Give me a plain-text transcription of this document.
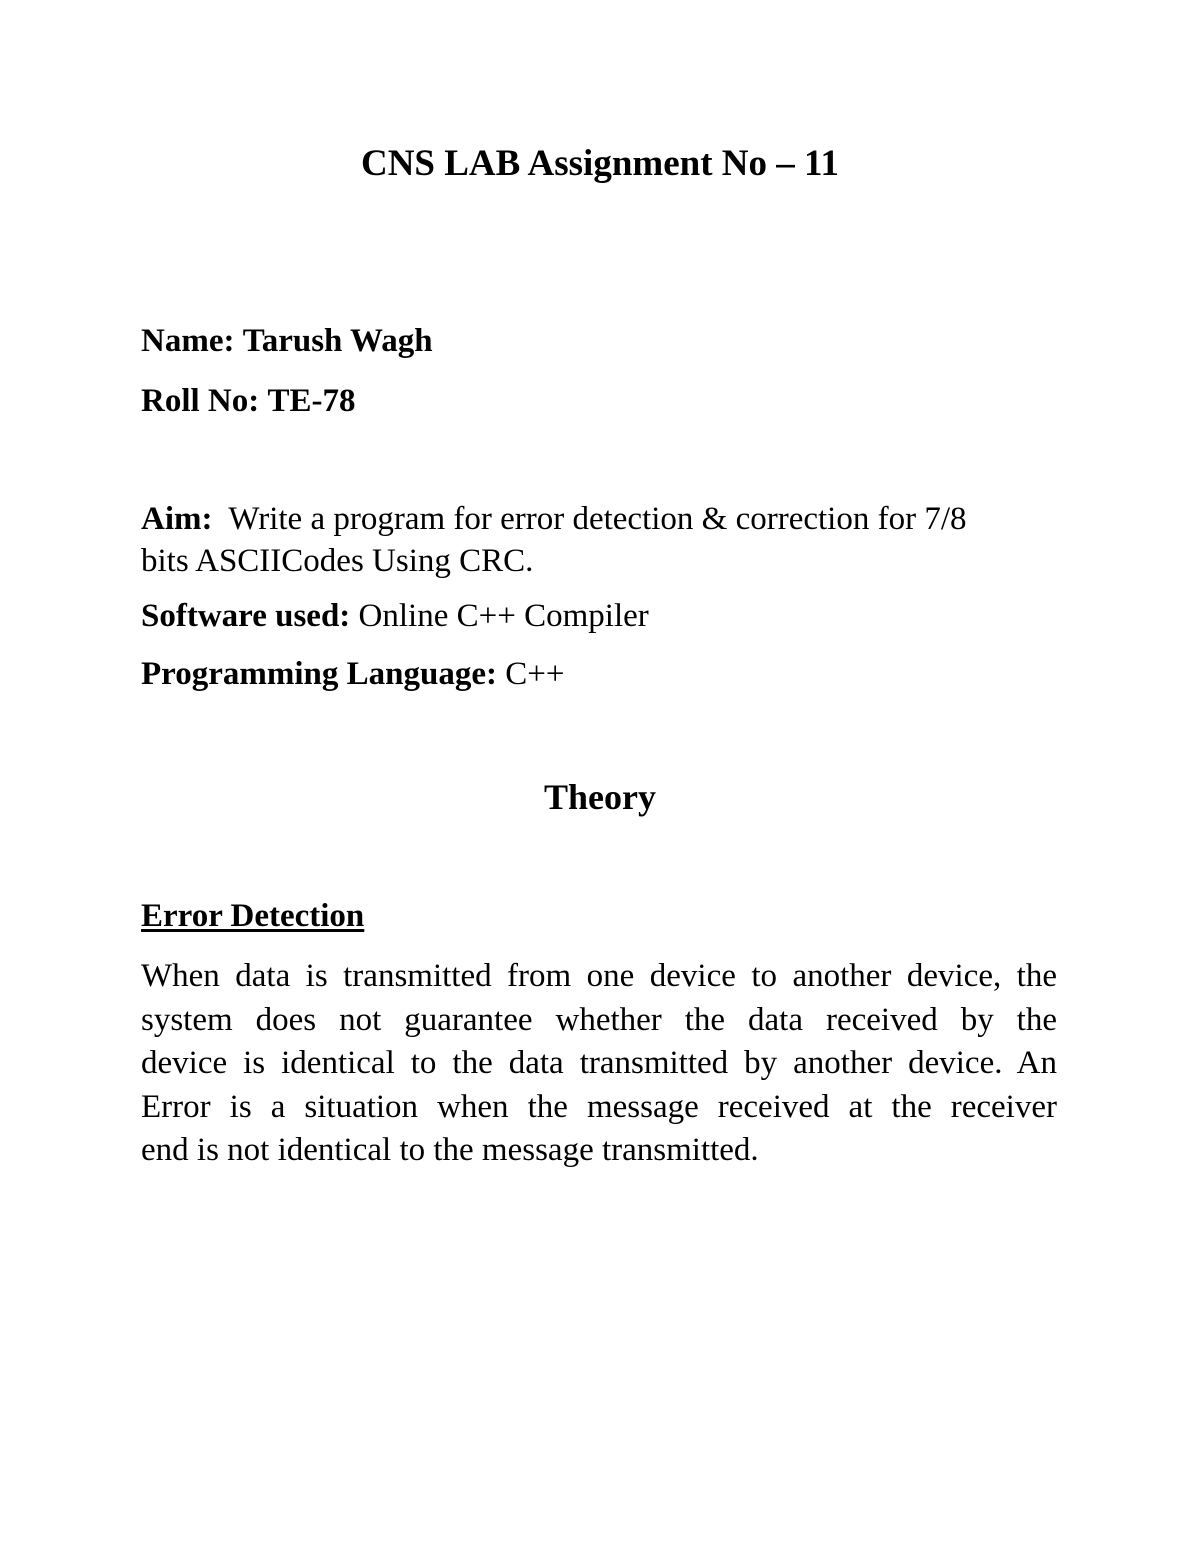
CNS LAB Assignment No – 11
Name: Tarush Wagh
Roll No: TE-78
Aim: Write a program for error detection & correction for 7/8
bits ASCIICodes Using CRC.
Software used: Online C++ Compiler
Programming Language: C++
Theory
Error Detection
When data is transmitted from one device to another device, the
system does not guarantee whether the data received by the
device is identical to the data transmitted by another device. An
Error is a situation when the message received at the receiver
end is not identical to the message transmitted.
